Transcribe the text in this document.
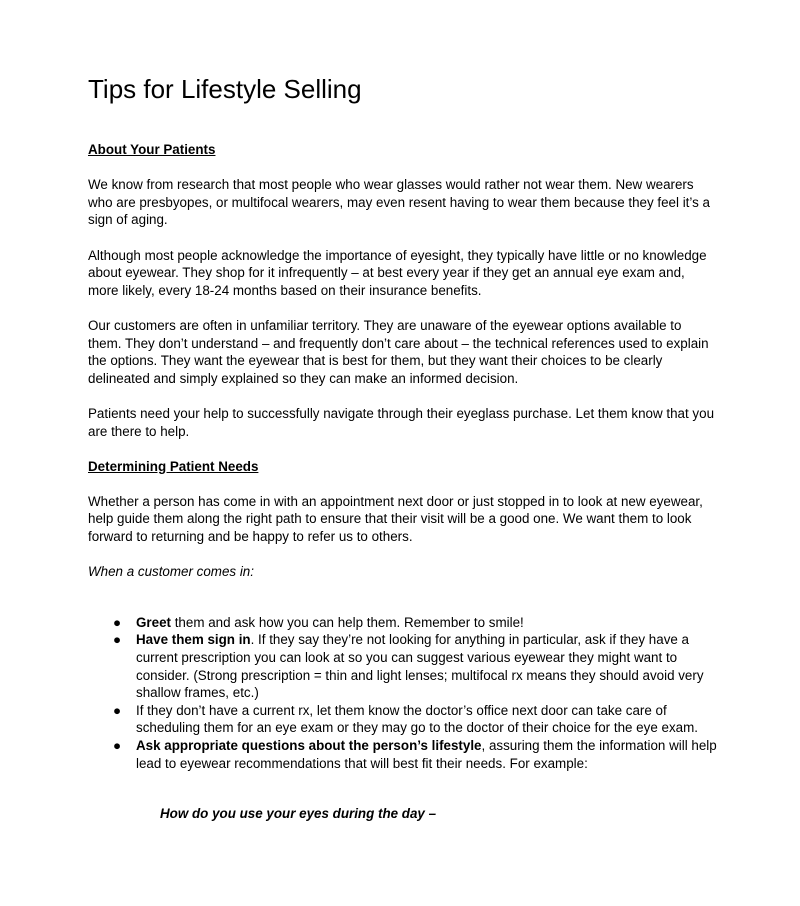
Tips for Lifestyle Selling

About Your Patients

We know from research that most people who wear glasses would rather not wear them. New wearers who are presbyopes, or multifocal wearers, may even resent having to wear them because they feel it’s a sign of aging.

Although most people acknowledge the importance of eyesight, they typically have little or no knowledge about eyewear. They shop for it infrequently – at best every year if they get an annual eye exam and, more likely, every 18-24 months based on their insurance benefits.

Our customers are often in unfamiliar territory. They are unaware of the eyewear options available to them. They don’t understand – and frequently don’t care about – the technical references used to explain the options. They want the eyewear that is best for them, but they want their choices to be clearly delineated and simply explained so they can make an informed decision.

Patients need your help to successfully navigate through their eyeglass purchase. Let them know that you are there to help.

Determining Patient Needs

Whether a person has come in with an appointment next door or just stopped in to look at new eyewear, help guide them along the right path to ensure that their visit will be a good one. We want them to look forward to returning and be happy to refer us to others.

When a customer comes in:

● Greet them and ask how you can help them. Remember to smile!
● Have them sign in. If they say they’re not looking for anything in particular, ask if they have a current prescription you can look at so you can suggest various eyewear they might want to consider. (Strong prescription = thin and light lenses; multifocal rx means they should avoid very shallow frames, etc.)
● If they don’t have a current rx, let them know the doctor’s office next door can take care of scheduling them for an eye exam or they may go to the doctor of their choice for the eye exam.
● Ask appropriate questions about the person’s lifestyle, assuring them the information will help lead to eyewear recommendations that will best fit their needs. For example:

How do you use your eyes during the day –
